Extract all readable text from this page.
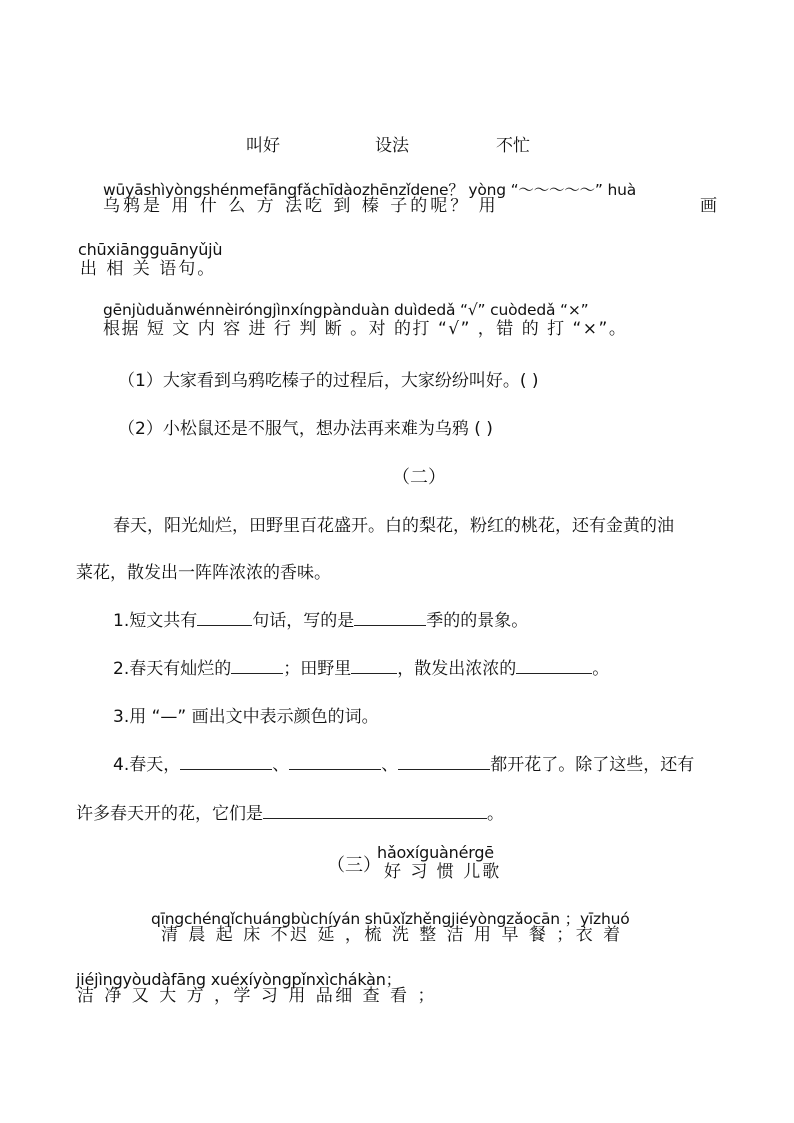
叫好	设法	不忙
wūyāshìyòngshénmefāngfǎchīdàozhēnzǐdene？ yòng “～～～～～” huà
乌鸦是 用 什 么 方 法吃 到 榛 子的呢？ 用	画
chūxiāngguānyǔjù
出 相 关 语句。
gēnjùduǎnwénnèiróngjìnxíngpànduàn duìdedǎ “√” cuòdedǎ “×”
根据 短 文 内 容 进 行 判 断 。对 的打 “√” ，错 的 打 “×”。
（1）大家看到乌鸦吃榛子的过程后，大家纷纷叫好。( )
（2）小松鼠还是不服气，想办法再来难为乌鸦 ( )
（二）
春天，阳光灿烂，田野里百花盛开。白的梨花，粉红的桃花，还有金黄的油
菜花，散发出一阵阵浓浓的香味。
1.短文共有	句话，写的是	季的的景象。
2.春天有灿烂的	；田野里	，散发出浓浓的	。
3.用 “—” 画出文中表示颜色的词。
4.春天，	、	、	都开花了。除了这些，还有
许多春天开的花，它们是	。
（三）
hǎoxíguànérgē
好 习 惯 儿歌
qīngchénqǐchuángbùchíyán shūxǐzhěngjiéyòngzǎocān ；yīzhuó
清 晨 起 床 不迟 延 ，梳 洗 整 洁 用 早 餐 ；衣 着
jiéjìngyòudàfāng xuéxíyòngpǐnxìchákàn；
洁 净 又 大 方 ，学 习 用 品细 查 看 ；
